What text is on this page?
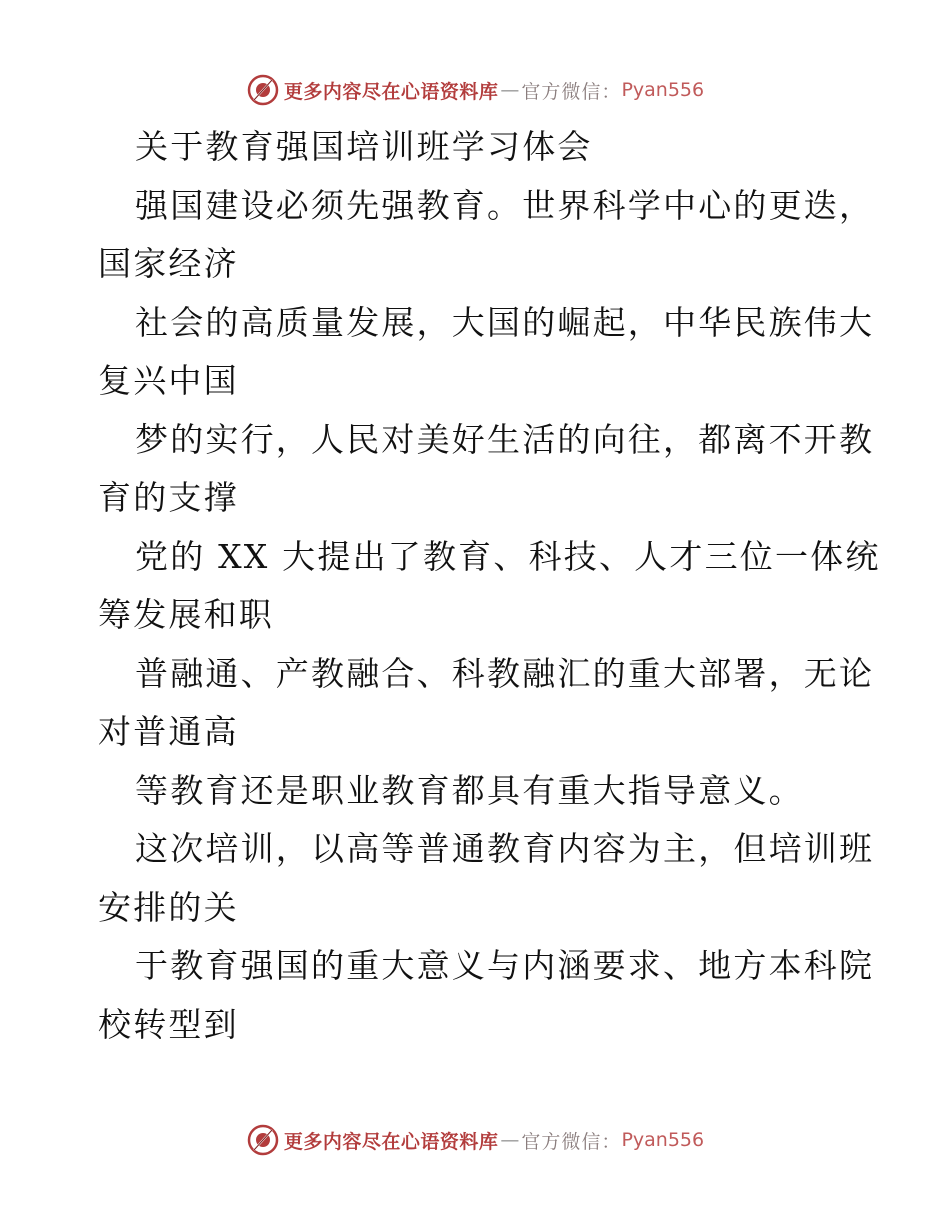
更多内容尽在心语资料库 — 官方微信： Pyan556
关于教育强国培训班学习体会
强国建设必须先强教育。世界科学中心的更迭，
国家经济
社会的高质量发展，大国的崛起，中华民族伟大
复兴中国
梦的实行，人民对美好生活的向往，都离不开教
育的支撑
党的 XX 大提出了教育、科技、人才三位一体统
筹发展和职
普融通、产教融合、科教融汇的重大部署，无论
对普通高
等教育还是职业教育都具有重大指导意义。
这次培训，以高等普通教育内容为主，但培训班
安排的关
于教育强国的重大意义与内涵要求、地方本科院
校转型到
更多内容尽在心语资料库 — 官方微信： Pyan556
